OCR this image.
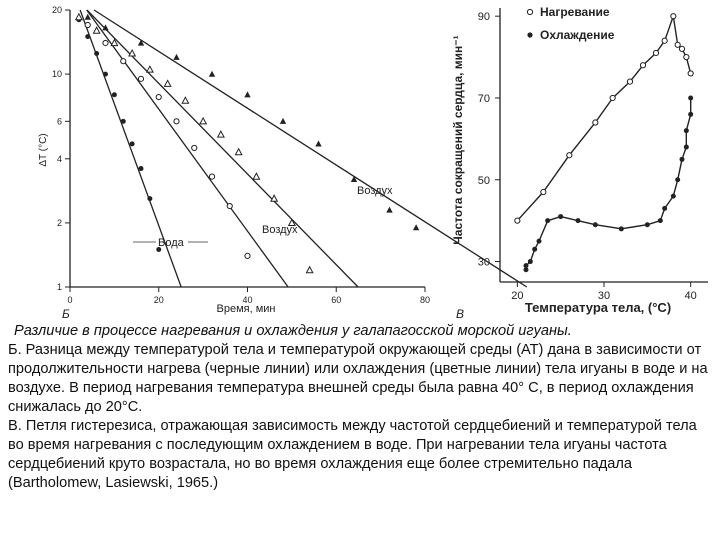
1
2
4
6
10
20
0	20	40	60	80
ΔT (°C)
Время, мин
Б
Вода
Воздух
Воздух
30
50
70
90
20	30	40
Частота сокращений сердца, мин⁻¹
Температура тела, (°C)
В
Нагревание
Охлаждение

Различие в процессе нагревания и охлаждения у галапагосской морской игуаны.

Б. Разница между температурой тела и температурой окружающей среды (АТ) дана в зависимости от продолжительности нагрева (черные линии) или охлаждения (цветные линии) тела игуаны в воде и на воздухе. В период нагревания температура внешней среды была равна 40° С, в период охлаждения снижалась до 20°С.

В. Петля гистерезиса, отражающая зависимость между частотой сердцебиений и температурой тела во время нагревания с последующим охлаждением в воде. При нагревании тела игуаны частота сердцебиений круто возрастала, но во время охлаждения еще более стремительно падала (Bartholomew, Lasiewski, 1965.)
